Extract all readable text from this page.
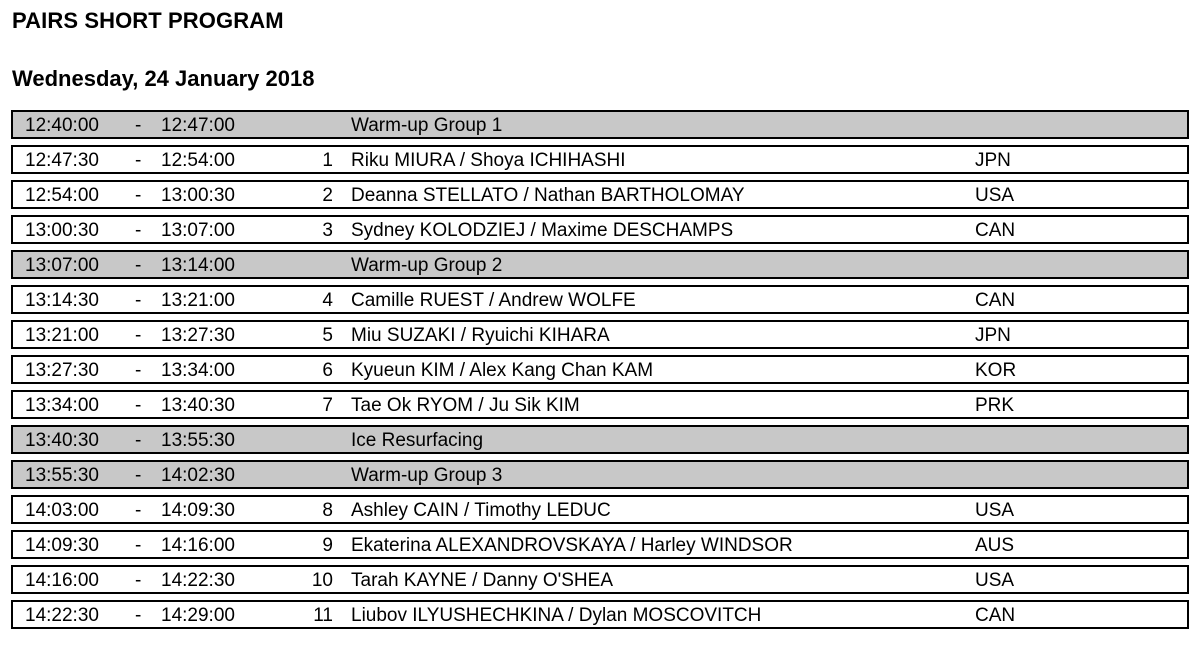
PAIRS SHORT PROGRAM
Wednesday, 24 January 2018
12:40:00 - 12:47:00	Warm-up Group 1
12:47:30 - 12:54:00	1 Riku MIURA / Shoya ICHIHASHI	JPN
12:54:00 - 13:00:30	2 Deanna STELLATO / Nathan BARTHOLOMAY	USA
13:00:30 - 13:07:00	3 Sydney KOLODZIEJ / Maxime DESCHAMPS	CAN
13:07:00 - 13:14:00	Warm-up Group 2
13:14:30 - 13:21:00	4 Camille RUEST / Andrew WOLFE	CAN
13:21:00 - 13:27:30	5 Miu SUZAKI / Ryuichi KIHARA	JPN
13:27:30 - 13:34:00	6 Kyueun KIM / Alex Kang Chan KAM	KOR
13:34:00 - 13:40:30	7 Tae Ok RYOM / Ju Sik KIM	PRK
13:40:30 - 13:55:30	Ice Resurfacing
13:55:30 - 14:02:30	Warm-up Group 3
14:03:00 - 14:09:30	8 Ashley CAIN / Timothy LEDUC	USA
14:09:30 - 14:16:00	9 Ekaterina ALEXANDROVSKAYA / Harley WINDSOR	AUS
14:16:00 - 14:22:30	10 Tarah KAYNE / Danny O'SHEA	USA
14:22:30 - 14:29:00	11 Liubov ILYUSHECHKINA / Dylan MOSCOVITCH	CAN
